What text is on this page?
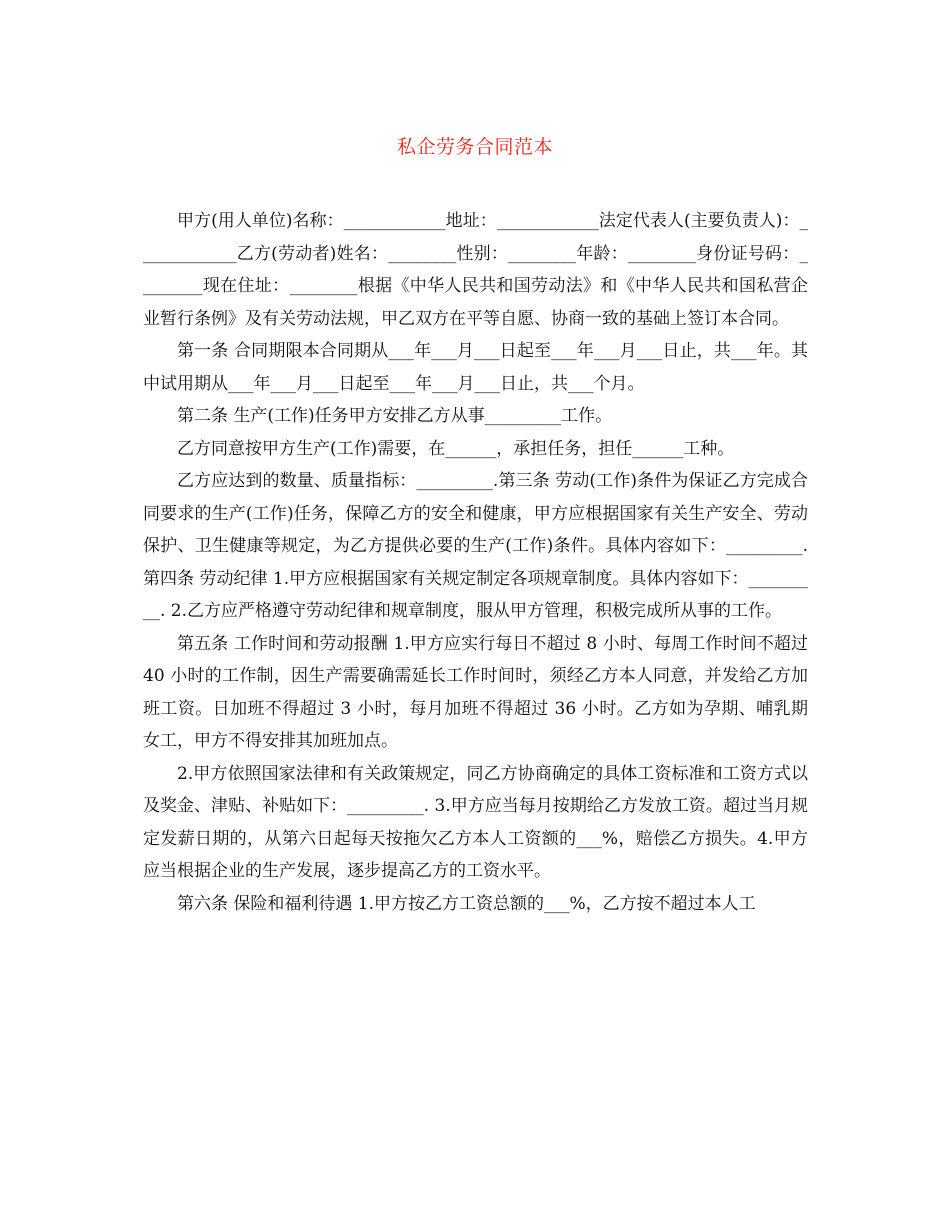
私企劳务合同范本

甲方(用人单位)名称：____________地址：____________法定代表人(主要负责人)：____________乙方(劳动者)姓名：________性别：________年龄：________身份证号码：________现在住址：________根据《中华人民共和国劳动法》和《中华人民共和国私营企业暂行条例》及有关劳动法规，甲乙双方在平等自愿、协商一致的基础上签订本合同。

第一条 合同期限本合同期从___年___月___日起至___年___月___日止，共___年。其中试用期从___年___月___日起至___年___月___日止，共___个月。

第二条 生产(工作)任务甲方安排乙方从事_________工作。

乙方同意按甲方生产(工作)需要，在______，承担任务，担任______工种。

乙方应达到的数量、质量指标：_________.第三条 劳动(工作)条件为保证乙方完成合同要求的生产(工作)任务，保障乙方的安全和健康，甲方应根据国家有关生产安全、劳动保护、卫生健康等规定，为乙方提供必要的生产(工作)条件。具体内容如下：_________.第四条 劳动纪律 1.甲方应根据国家有关规定制定各项规章制度。具体内容如下：_________. 2.乙方应严格遵守劳动纪律和规章制度，服从甲方管理，积极完成所从事的工作。

第五条 工作时间和劳动报酬 1.甲方应实行每日不超过 8 小时、每周工作时间不超过 40 小时的工作制，因生产需要确需延长工作时间时，须经乙方本人同意，并发给乙方加班工资。日加班不得超过 3 小时，每月加班不得超过 36 小时。乙方如为孕期、哺乳期女工，甲方不得安排其加班加点。

2.甲方依照国家法律和有关政策规定，同乙方协商确定的具体工资标准和工资方式以及奖金、津贴、补贴如下：_________. 3.甲方应当每月按期给乙方发放工资。超过当月规定发薪日期的，从第六日起每天按拖欠乙方本人工资额的___%，赔偿乙方损失。4.甲方应当根据企业的生产发展，逐步提高乙方的工资水平。

第六条 保险和福利待遇 1.甲方按乙方工资总额的___%，乙方按不超过本人工
